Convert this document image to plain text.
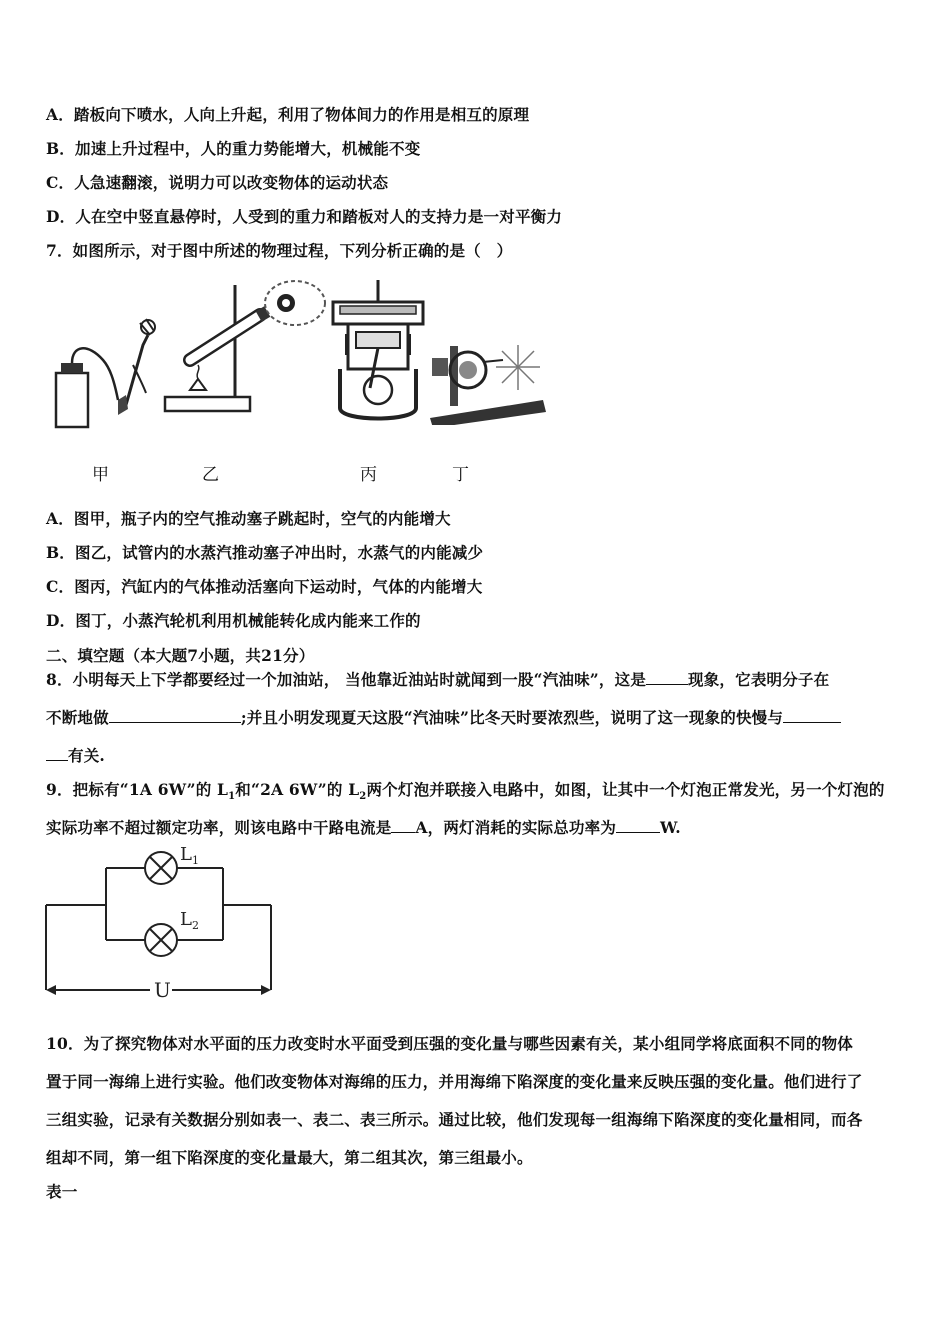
A．踏板向下喷水，人向上升起，利用了物体间力的作用是相互的原理
B．加速上升过程中，人的重力势能增大，机械能不变
C．人急速翻滚，说明力可以改变物体的运动状态
D．人在空中竖直悬停时，人受到的重力和踏板对人的支持力是一对平衡力
7．如图所示，对于图中所述的物理过程，下列分析正确的是（　）
甲	乙	丙	丁
A．图甲，瓶子内的空气推动塞子跳起时，空气的内能增大
B．图乙，试管内的水蒸汽推动塞子冲出时，水蒸气的内能减少
C．图丙，汽缸内的气体推动活塞向下运动时，气体的内能增大
D．图丁，小蒸汽轮机利用机械能转化成内能来工作的
二、填空题（本大题7小题，共21分）
8．小明每天上下学都要经过一个加油站， 当他靠近油站时就闻到一股“汽油味”，这是	现象，它表明分子在
不断地做	;并且小明发现夏天这股“汽油味”比冬天时要浓烈些，说明了这一现象的快慢与
有关.
9．把标有“1A 6W”的 $L_1$和“2A 6W”的 $L_2$两个灯泡并联接入电路中，如图，让其中一个灯泡正常发光，另一个灯泡的
实际功率不超过额定功率，则该电路中干路电流是 A，两灯消耗的实际总功率为	W.
$L_1$
$L_2$
U
10．为了探究物体对水平面的压力改变时水平面受到压强的变化量与哪些因素有关，某小组同学将底面积不同的物体
置于同一海绵上进行实验。他们改变物体对海绵的压力，并用海绵下陷深度的变化量来反映压强的变化量。他们进行了
三组实验，记录有关数据分别如表一、表二、表三所示。通过比较，他们发现每一组海绵下陷深度的变化量相同，而各
组却不同，第一组下陷深度的变化量最大，第二组其次，第三组最小。
表一
